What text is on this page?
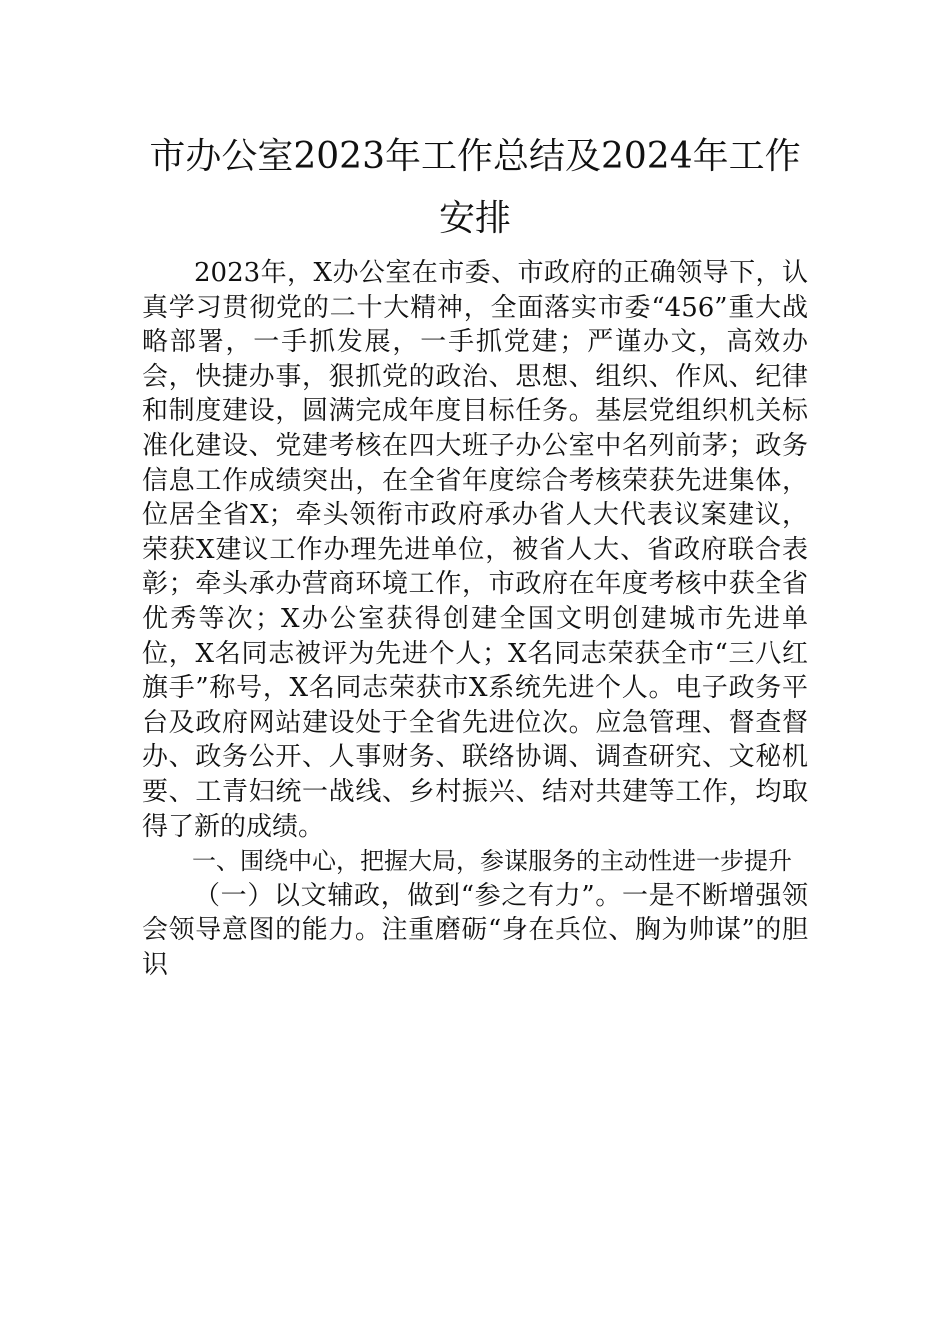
市办公室2023年工作总结及2024年工作安排

2023年，X办公室在市委、市政府的正确领导下，认真学习贯彻党的二十大精神，全面落实市委“456”重大战略部署，一手抓发展，一手抓党建；严谨办文，高效办会，快捷办事，狠抓党的政治、思想、组织、作风、纪律和制度建设，圆满完成年度目标任务。基层党组织机关标准化建设、党建考核在四大班子办公室中名列前茅；政务信息工作成绩突出，在全省年度综合考核荣获先进集体，位居全省X；牵头领衔市政府承办省人大代表议案建议，荣获X建议工作办理先进单位，被省人大、省政府联合表彰；牵头承办营商环境工作，市政府在年度考核中获全省优秀等次；X办公室获得创建全国文明创建城市先进单位，X名同志被评为先进个人；X名同志荣获全市“三八红旗手”称号，X名同志荣获市X系统先进个人。电子政务平台及政府网站建设处于全省先进位次。应急管理、督查督办、政务公开、人事财务、联络协调、调查研究、文秘机要、工青妇统一战线、乡村振兴、结对共建等工作，均取得了新的成绩。

一、围绕中心，把握大局，参谋服务的主动性进一步提升

（一）以文辅政，做到“参之有力”。一是不断增强领会领导意图的能力。注重磨砺“身在兵位、胸为帅谋”的胆识
